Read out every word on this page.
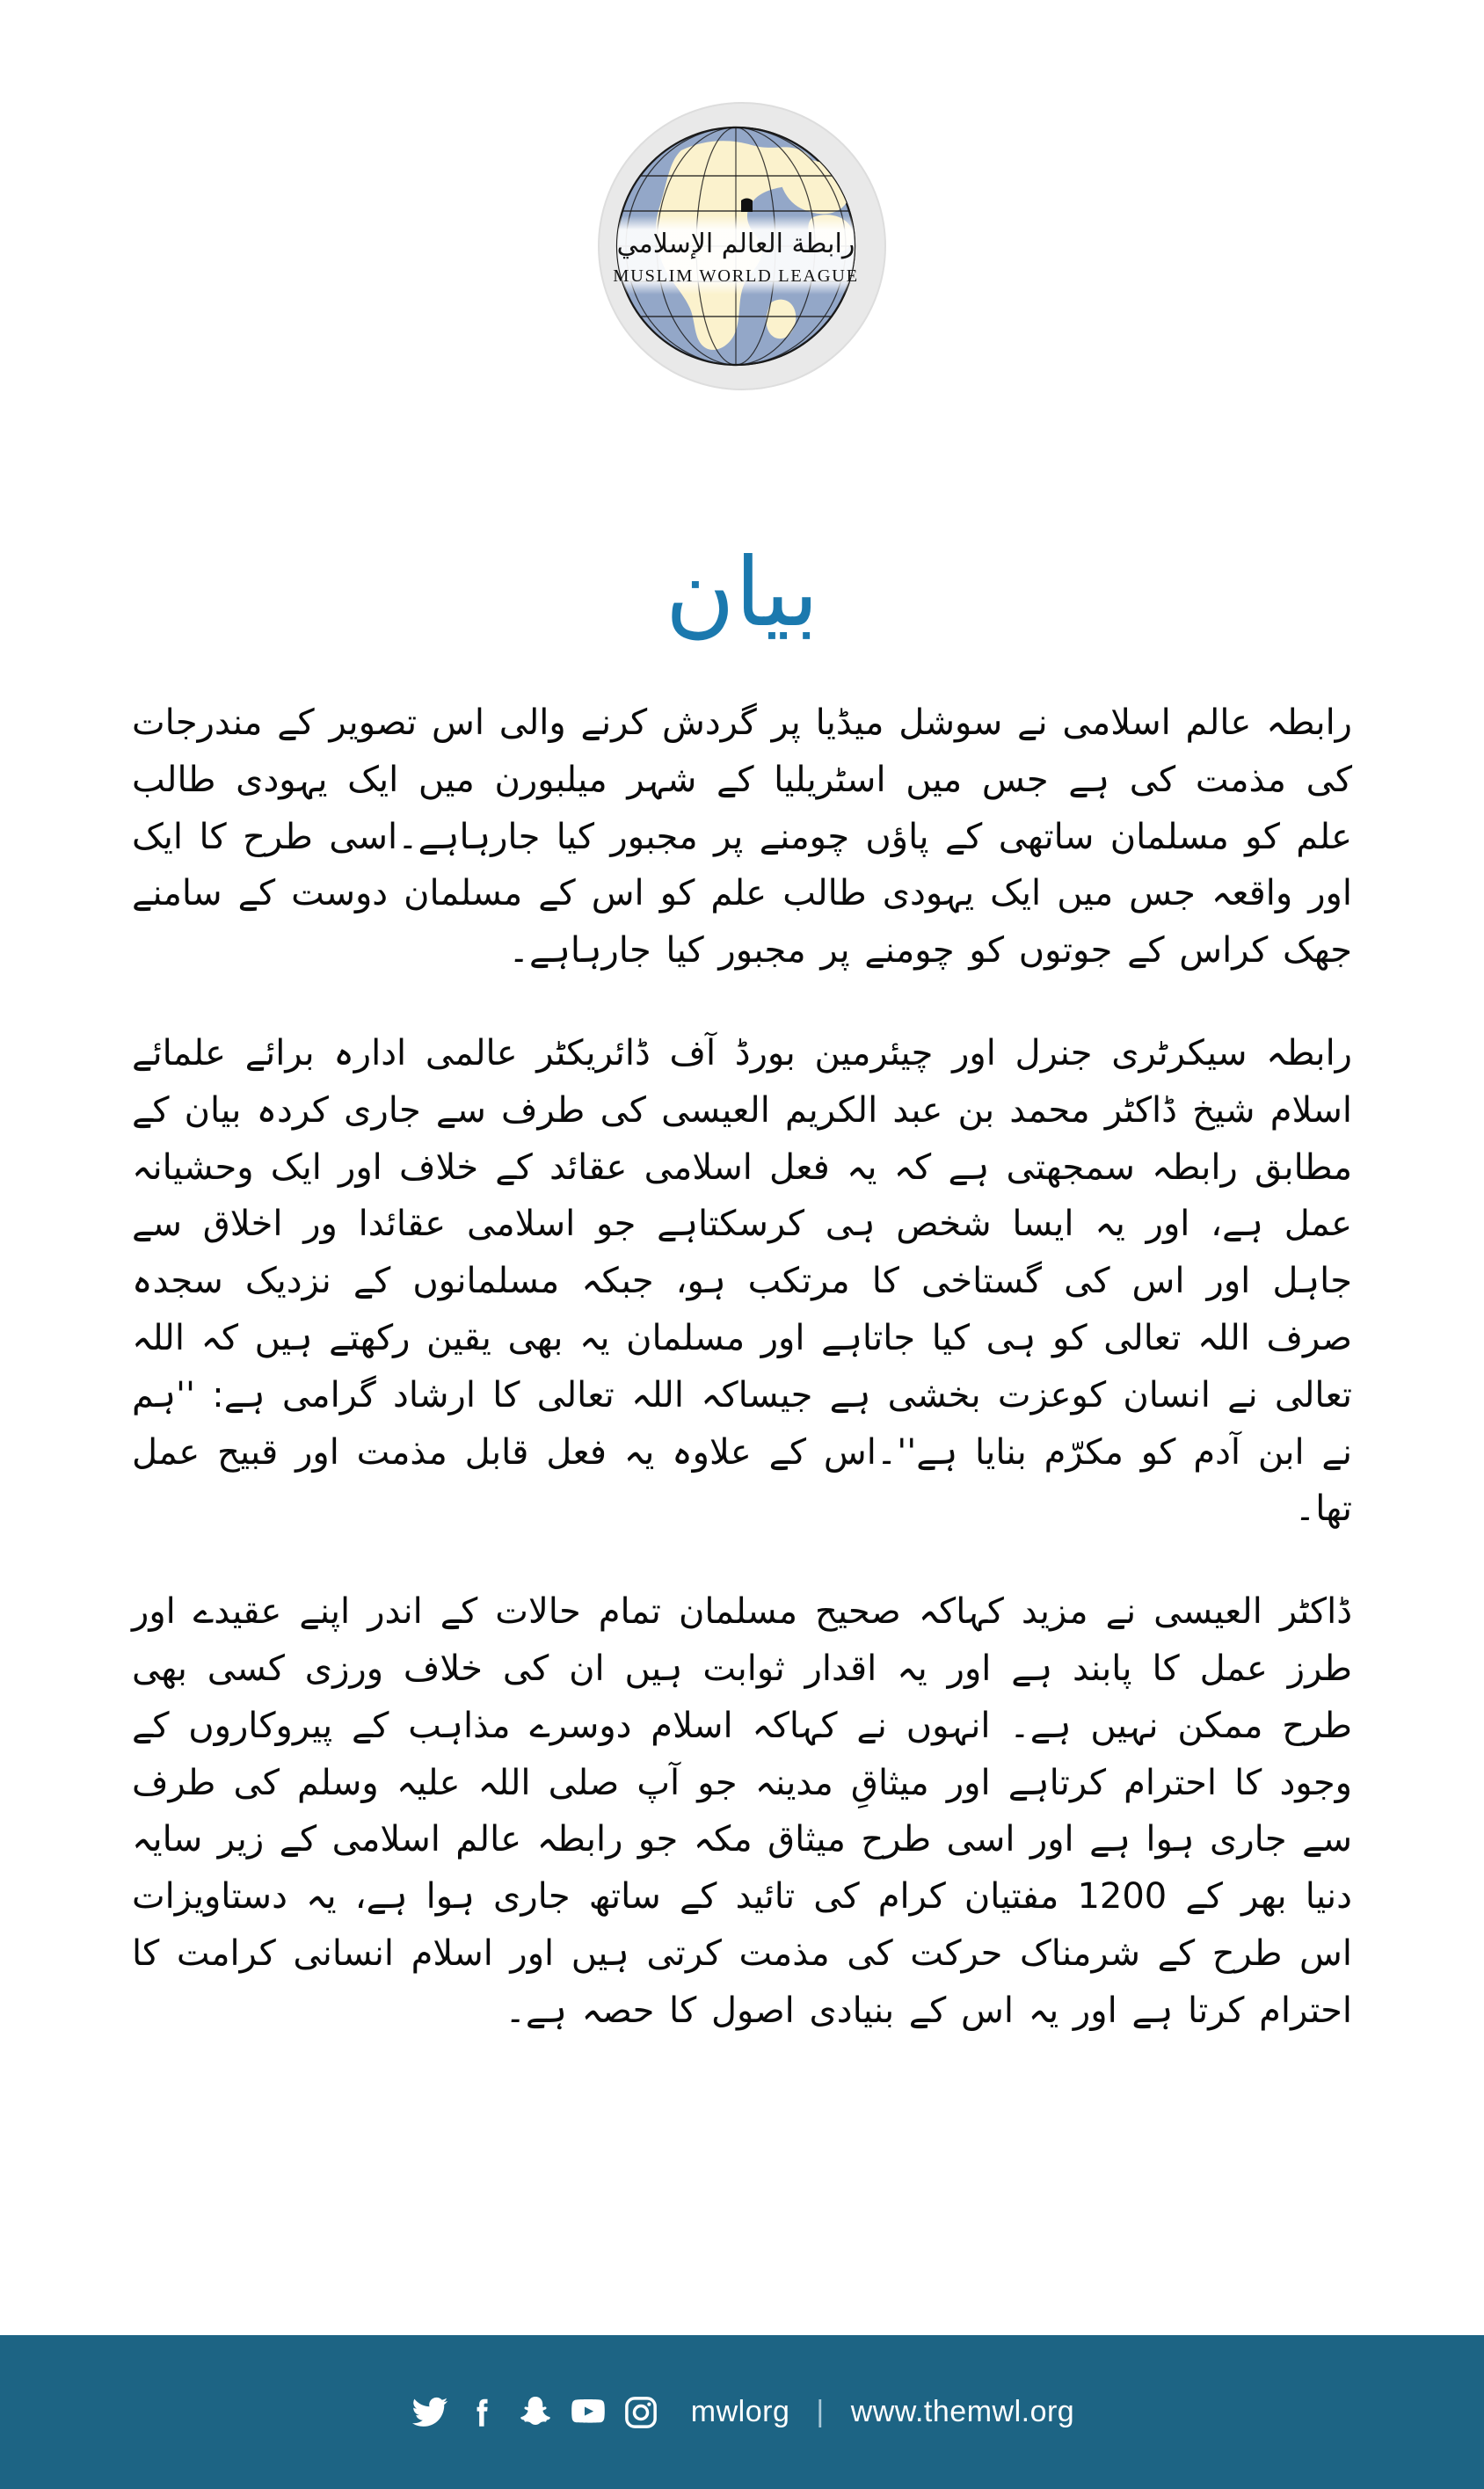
رابطة العالم الإسلامي
MUSLIM WORLD LEAGUE
بیان

رابطہ عالم اسلامی نے سوشل میڈیا پر گردش کرنے والی اس تصویر کے مندرجات کی مذمت کی ہے جس میں اسٹریلیا کے شہر میلبورن میں ایک یہودی طالب علم کو مسلمان ساتھی کے پاؤں چومنے پر مجبور کیا جارہاہے۔اسی طرح کا ایک اور واقعہ جس میں ایک یہودی طالب علم کو اس کے مسلمان دوست کے سامنے جھک کراس کے جوتوں کو چومنے پر مجبور کیا جارہاہے۔

رابطہ سیکرٹری جنرل اور چیئرمین بورڈ آف ڈائریکٹر عالمی ادارہ برائے علمائے اسلام شیخ ڈاکٹر محمد بن عبد الکریم العیسی کی طرف سے جاری کردہ بیان کے مطابق رابطہ سمجھتی ہے کہ یہ فعل اسلامی عقائد کے خلاف اور ایک وحشیانہ عمل ہے، اور یہ ایسا شخص ہی کرسکتاہے جو اسلامی عقائدا ور اخلاق سے جاہل اور اس کی گستاخی کا مرتکب ہو، جبکہ مسلمانوں کے نزدیک سجدہ صرف اللہ تعالی کو ہی کیا جاتاہے اور مسلمان یہ بھی یقین رکھتے ہیں کہ اللہ تعالی نے انسان کوعزت بخشی ہے جیساکہ اللہ تعالی کا ارشاد گرامی ہے: ''ہم نے ابن آدم کو مکرّم بنایا ہے''۔اس کے علاوہ یہ فعل قابل مذمت اور قبیح عمل تھا۔

ڈاکٹر العیسی نے مزید کہاکہ صحیح مسلمان تمام حالات کے اندر اپنے عقیدے اور طرز عمل کا پابند ہے اور یہ اقدار ثوابت ہیں ان کی خلاف ورزی کسی بھی طرح ممکن نہیں ہے۔ انہوں نے کہاکہ اسلام دوسرے مذاہب کے پیروکاروں کے وجود کا احترام کرتاہے اور میثاقِ مدینہ جو آپ صلی اللہ علیہ وسلم کی طرف سے جاری ہوا ہے اور اسی طرح میثاق مکہ جو رابطہ عالم اسلامی کے زیر سایہ دنیا بھر کے 1200 مفتیان کرام کی تائید کے ساتھ جاری ہوا ہے، یہ دستاویزات اس طرح کے شرمناک حرکت کی مذمت کرتی ہیں اور اسلام انسانی کرامت کا احترام کرتا ہے اور یہ اس کے بنیادی اصول کا حصہ ہے۔

mwlorg | www.themwl.org
